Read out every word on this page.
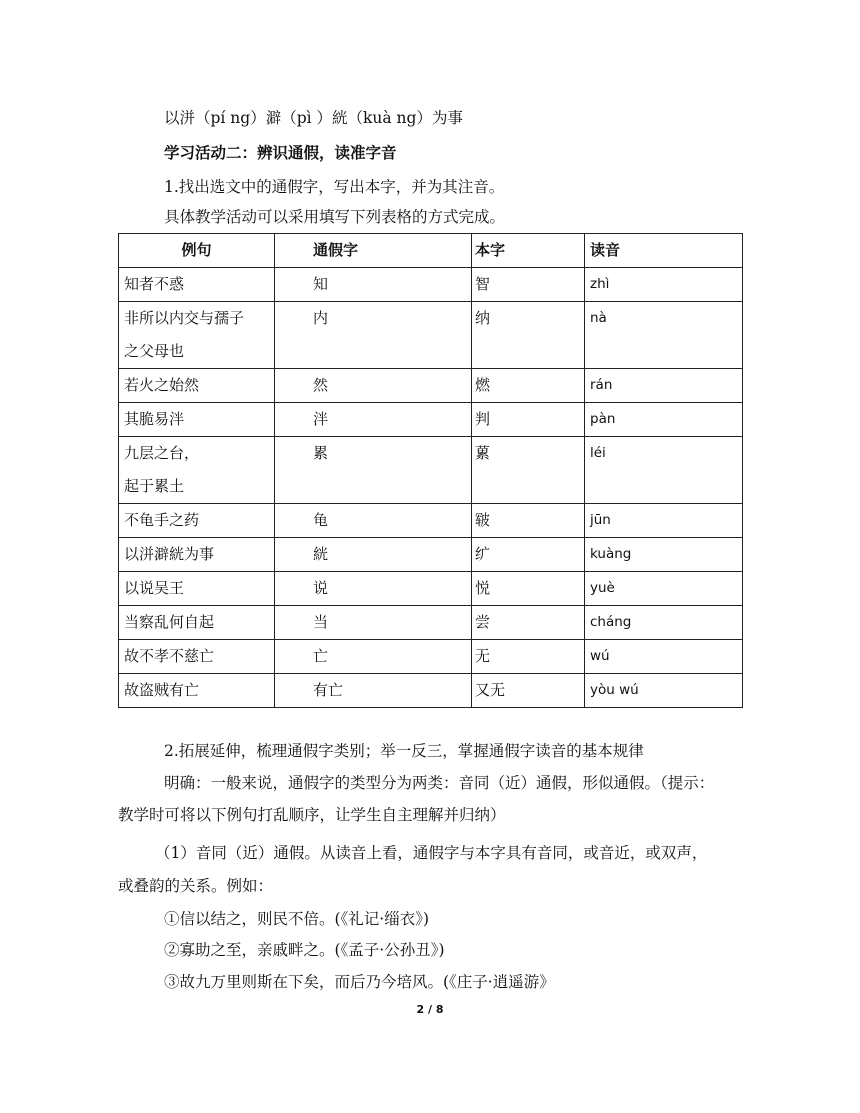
以洴（pí ng）澼（pì ）絖（kuà ng）为事
学习活动二：辨识通假，读准字音
1.找出选文中的通假字，写出本字，并为其注音。
具体教学活动可以采用填写下列表格的方式完成。
例句	通假字	本字	读音
知者不惑	知	智	zhì

非所以内交与孺子
之父母也	内	纳	nà
若火之始然	然	燃	rán
其脆易泮	泮	判	pàn

九层之台，
起于累土	累	蔂	léi
不龟手之药	龟	皲	jūn
以洴澼絖为事	絖	纩	kuàng
以说吴王	说	悦	yuè
当察乱何自起	当	尝	cháng
故不孝不慈亡	亡	无	wú
故盗贼有亡	有亡	又无	yòu wú
2.拓展延伸，梳理通假字类别；举一反三，掌握通假字读音的基本规律
明确：一般来说，通假字的类型分为两类：音同（近）通假，形似通假。（提示：
教学时可将以下例句打乱顺序，让学生自主理解并归纳）
（1）音同（近）通假。从读音上看，通假字与本字具有音同，或音近，或双声，
或叠韵的关系。例如：
①信以结之，则民不倍。(《礼记·缁衣》)
②寡助之至，亲戚畔之。(《孟子·公孙丑》)
③故九万里则斯在下矣，而后乃今培风。(《庄子·逍遥游》
2 / 8
